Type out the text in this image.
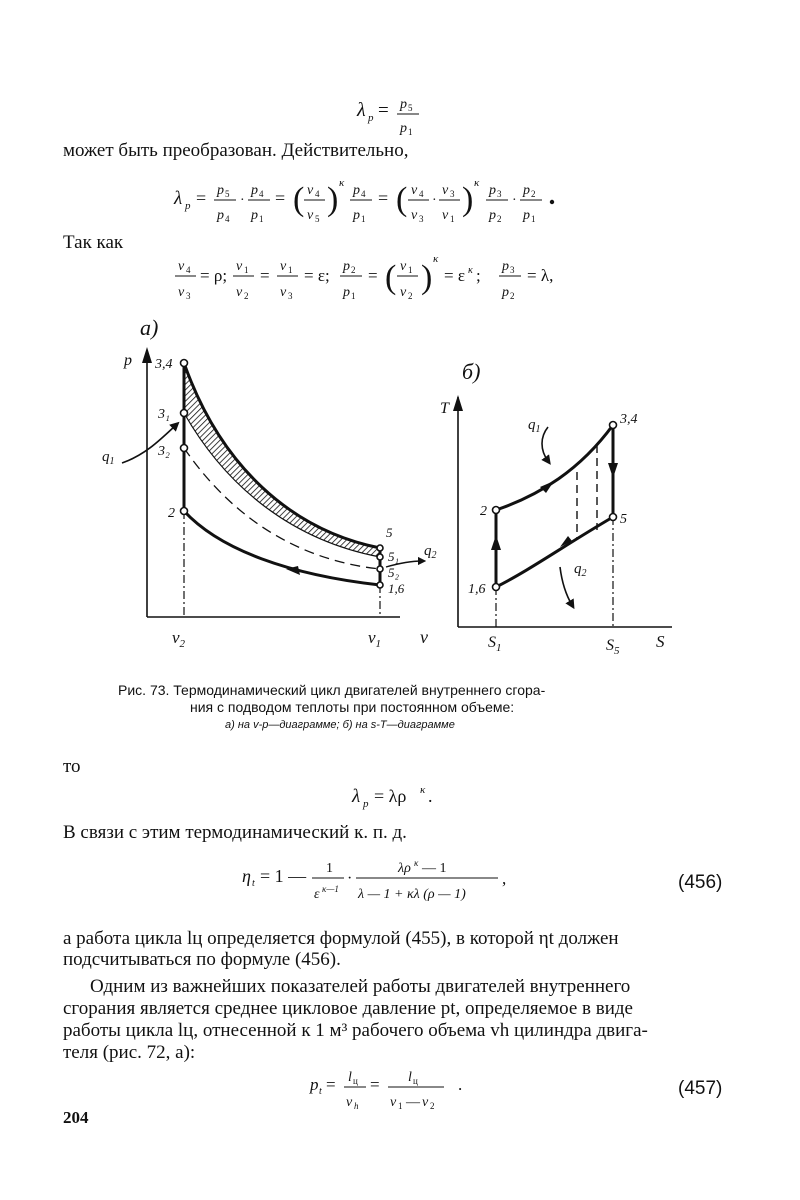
λ p = p 5
p 1
может быть преобразован. Действительно,
λ p = p 5
p 4
·
p 4
p 1
= ( v 4
v 5
) κ p 4
p 1
= ( v 4
v 3
·
v 3
v 1
) κ p 3
p 2
·
p 2
p 1
Так как
v 4
v 3
= ρ; v 1
v 2
= v 1
v 3
= ε; p 2
p 1
= ( v 1
v 2 ) κ
= ε κ ; p 3
p 2
= λ,
а)
p
v
$v_2$	$v_1$
3,4
3₁
3₂
2
5
5₁
5₂
1,6
$q_1$
$q_2$
б)
T
S
$S_1$	$S_5$
3,4
2
5
1,6
$q_1$
$q_2$
Рис. 73. Термодинамический цикл двигателей внутреннего сгора-
ния с подводом теплоты при постоянном объеме:
а) на v-p—диаграмме; б) на s-T—диаграмме
то
λ p = λρ κ .
В связи с этим термодинамический к. п. д.
η t = 1 — 1
ε κ—1
·
λρ κ — 1
λ — 1 + κλ (ρ — 1)
,	(456)
а работа цикла lц определяется формулой (455), в которой ηt должен
подсчитываться по формуле (456).
Одним из важнейших показателей работы двигателей внутреннего
сгорания является среднее цикловое давление pt, определяемое в виде
работы цикла lц, отнесенной к 1 м³ рабочего объема vh цилиндра двига-
теля (рис. 72, a):
p t = l ц
v h
= l ц
v 1 — v 2
.	(457)
204
